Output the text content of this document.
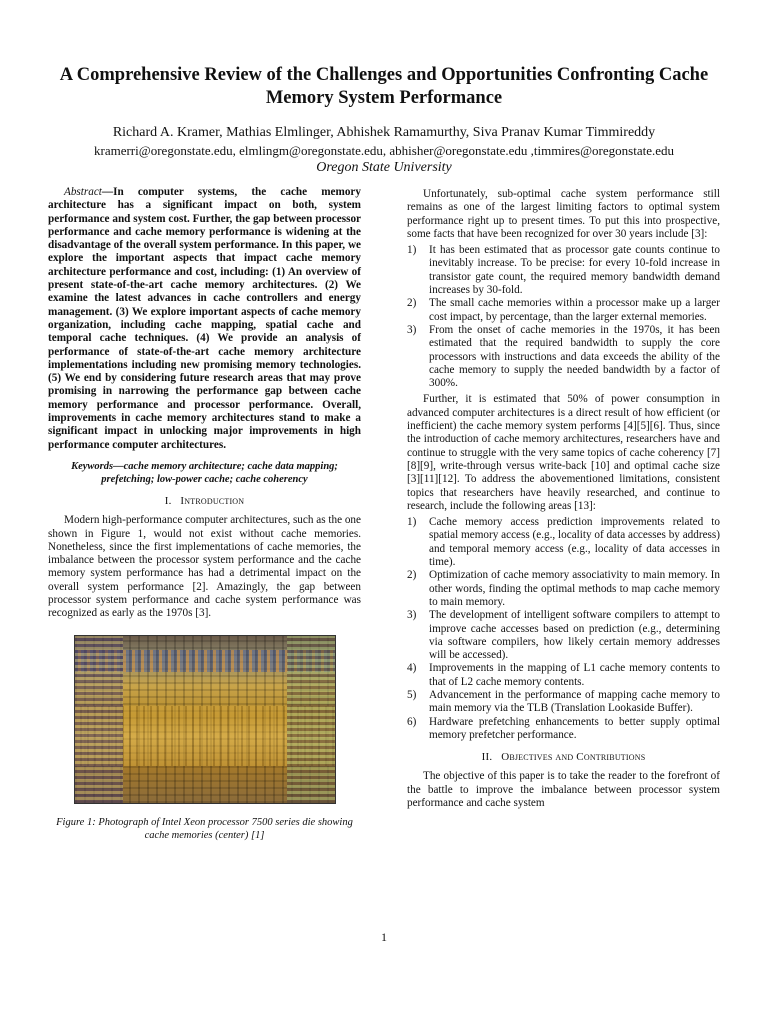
A Comprehensive Review of the Challenges and Opportunities Confronting Cache Memory System Performance
Richard A. Kramer, Mathias Elmlinger, Abhishek Ramamurthy, Siva Pranav Kumar Timmireddy
kramerri@oregonstate.edu, elmlingm@oregonstate.edu, abhisher@oregonstate.edu ,timmires@oregonstate.edu
Oregon State University

Abstract—In computer systems, the cache memory architecture has a significant impact on both, system performance and system cost. Further, the gap between processor performance and cache memory performance is widening at the disadvantage of the overall system performance. In this paper, we explore the important aspects that impact cache memory architecture performance and cost, including: (1) An overview of present state-of-the-art cache memory architectures. (2) We examine the latest advances in cache controllers and energy management. (3) We explore important aspects of cache memory organization, including cache mapping, spatial cache and temporal cache techniques. (4) We provide an analysis of performance of state-of-the-art cache memory architecture implementations including new promising memory technologies. (5) We end by considering future research areas that may prove promising in narrowing the performance gap between cache memory performance and processor performance. Overall, improvements in cache memory architectures stand to make a significant impact in unlocking major improvements in high performance computer architectures.

Keywords—cache memory architecture; cache data mapping; prefetching; low-power cache; cache coherency

I. Introduction

Modern high-performance computer architectures, such as the one shown in Figure 1, would not exist without cache memories. Nonetheless, since the first implementations of cache memories, the imbalance between the processor system performance and the cache memory system performance has had a detrimental impact on the overall system performance [2]. Amazingly, the gap between processor system performance and cache system performance was recognized as early as the 1970s [3].

Figure 1: Photograph of Intel Xeon processor 7500 series die showing cache memories (center) [1]

Unfortunately, sub-optimal cache system performance still remains as one of the largest limiting factors to optimal system performance right up to present times. To put this into prospective, some facts that have been recognized for over 30 years include [3]:

1) It has been estimated that as processor gate counts continue to inevitably increase. To be precise: for every 10-fold increase in transistor gate count, the required memory bandwidth demand increases by 30-fold.
2) The small cache memories within a processor make up a larger cost impact, by percentage, than the larger external memories.
3) From the onset of cache memories in the 1970s, it has been estimated that the required bandwidth to supply the core processors with instructions and data exceeds the ability of the cache memory to supply the needed bandwidth by a factor of 300%.

Further, it is estimated that 50% of power consumption in advanced computer architectures is a direct result of how efficient (or inefficient) the cache memory system performs [4][5][6]. Thus, since the introduction of cache memory architectures, researchers have and continue to struggle with the very same topics of cache coherency [7][8][9], write-through versus write-back [10] and optimal cache size [3][11][12]. To address the abovementioned limitations, consistent topics that researchers have heavily researched, and continue to research, include the following areas [13]:

1) Cache memory access prediction improvements related to spatial memory access (e.g., locality of data accesses by address) and temporal memory access (e.g., locality of data accesses in time).
2) Optimization of cache memory associativity to main memory. In other words, finding the optimal methods to map cache memory to main memory.
3) The development of intelligent software compilers to attempt to improve cache accesses based on prediction (e.g., determining via software compilers, how likely certain memory addresses will be accessed).
4) Improvements in the mapping of L1 cache memory contents to that of L2 cache memory contents.
5) Advancement in the performance of mapping cache memory to main memory via the TLB (Translation Lookaside Buffer).
6) Hardware prefetching enhancements to better supply optimal memory prefetcher performance.
II. Objectives and Contributions

The objective of this paper is to take the reader to the forefront of the battle to improve the imbalance between processor system performance and cache system

1
